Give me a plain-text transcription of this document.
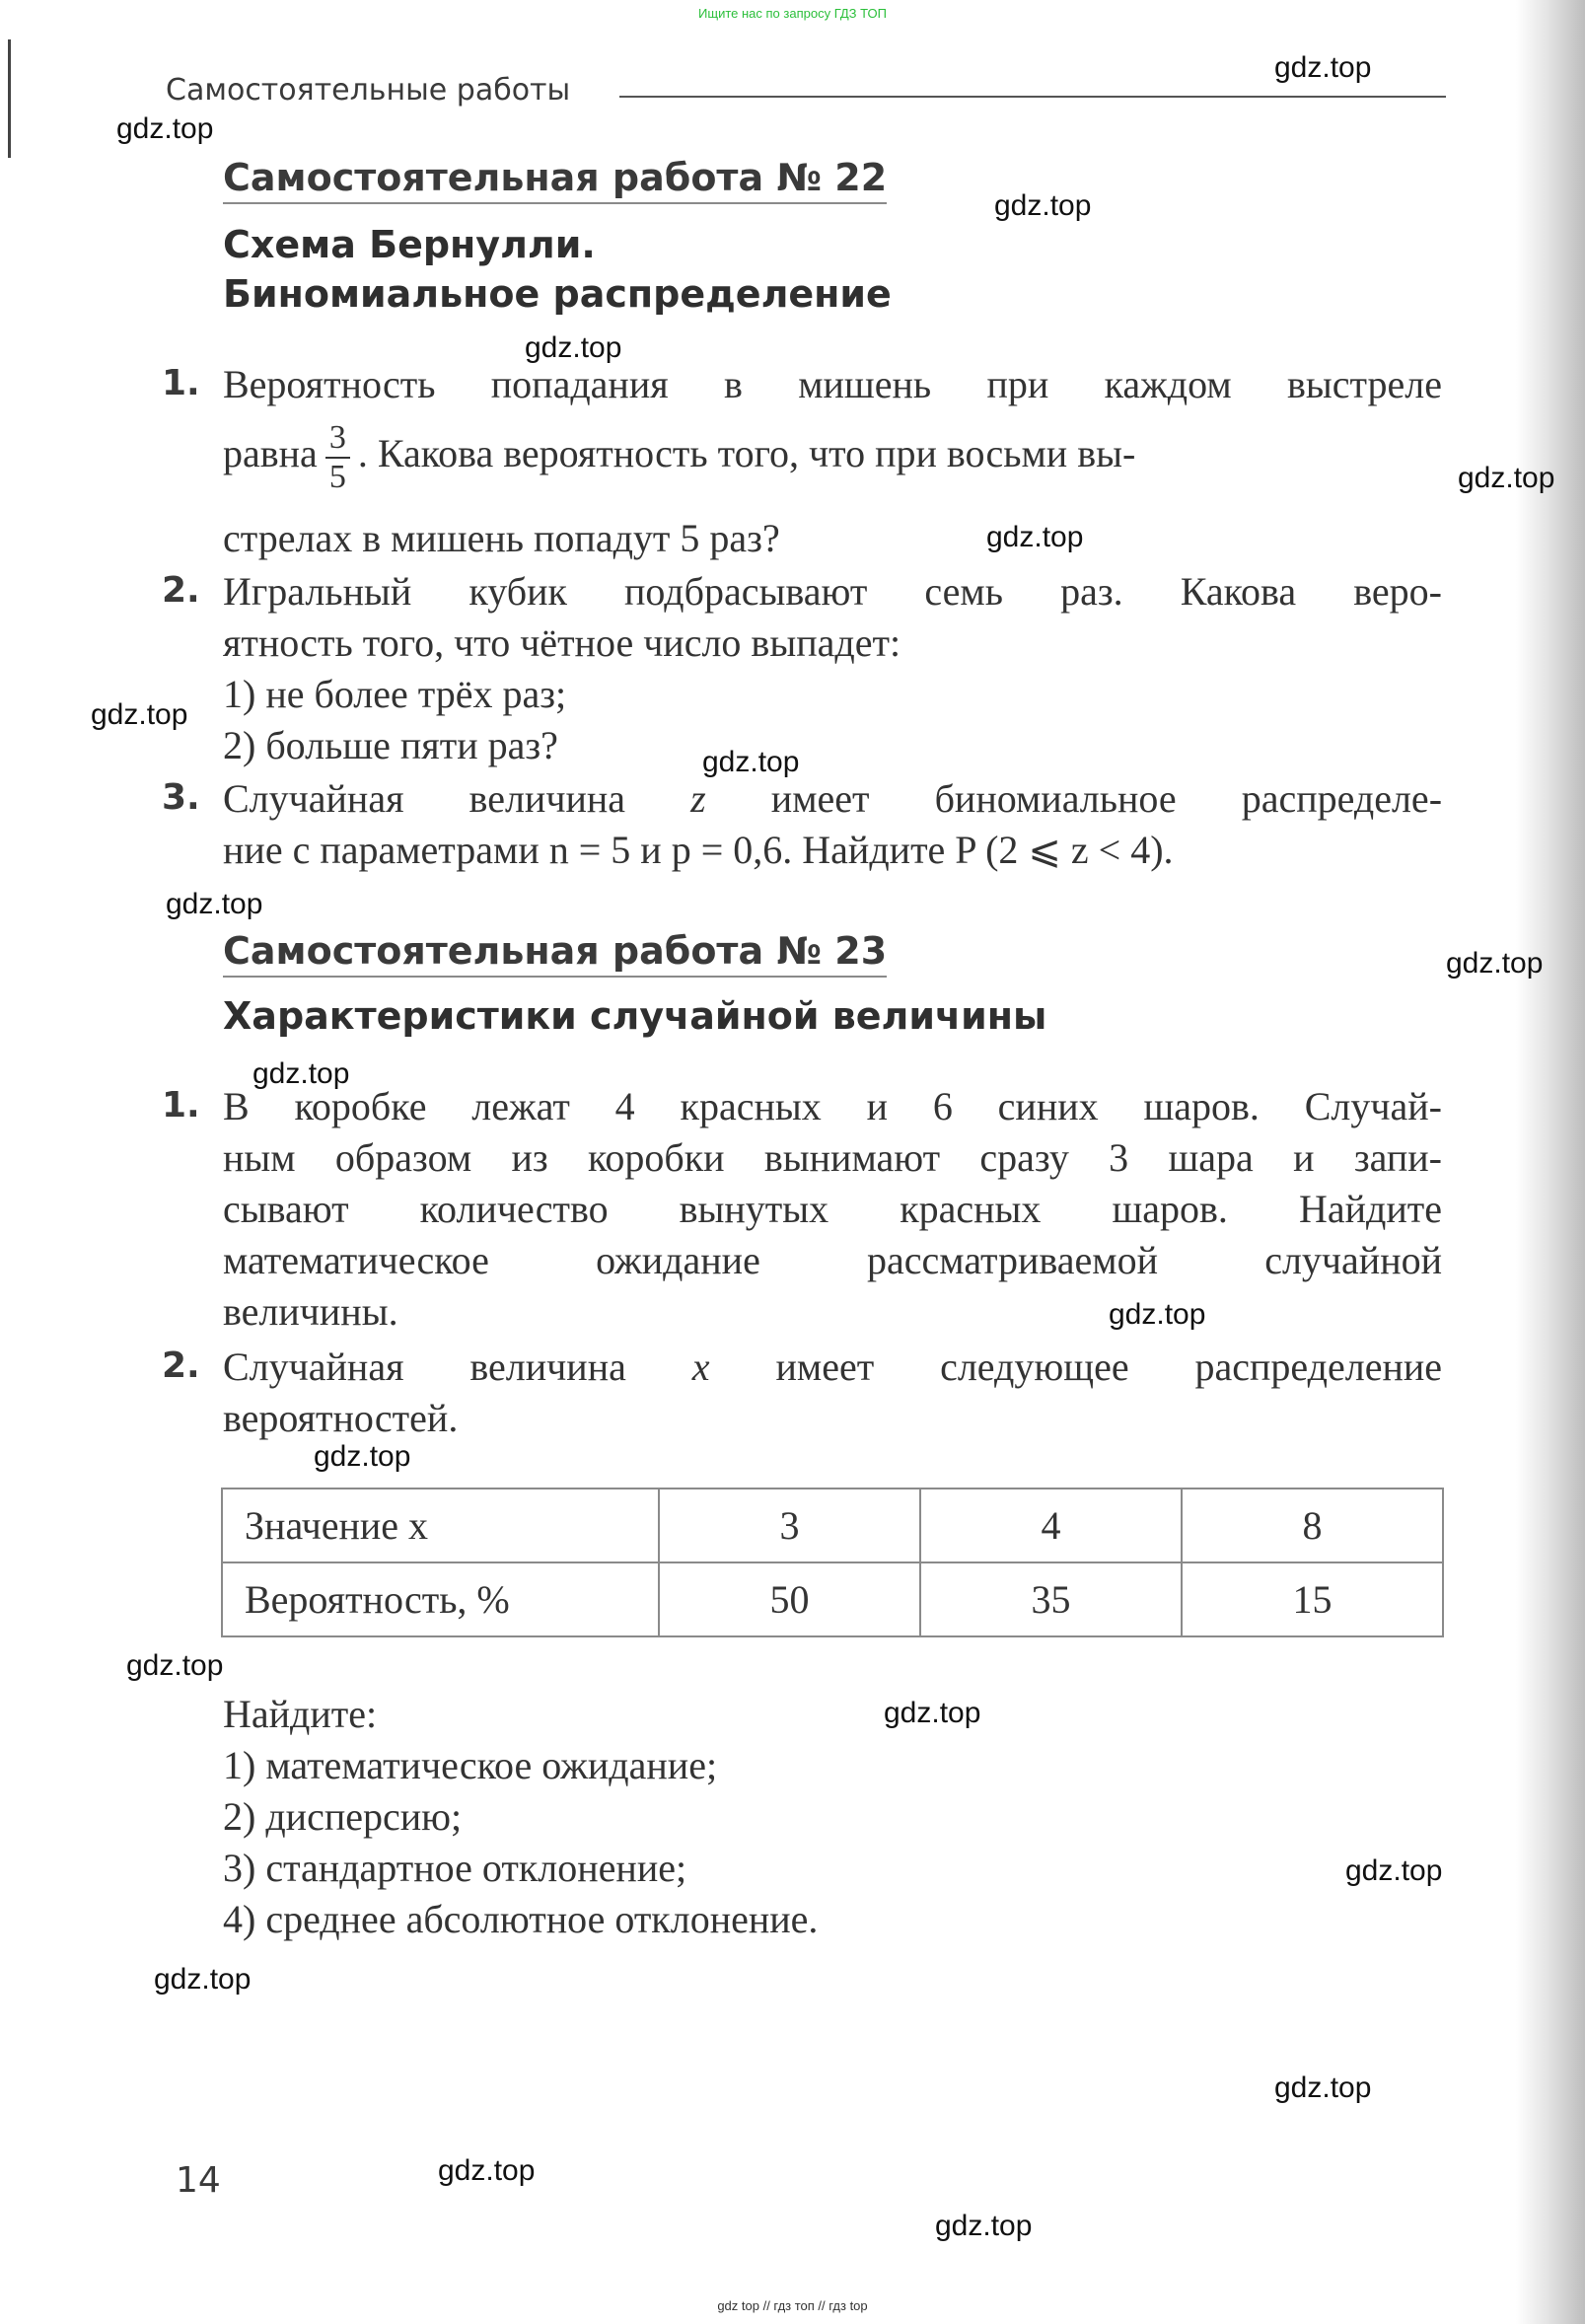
Ищите нас по запросу ГДЗ ТОП
Самостоятельные работы
Самостоятельная работа № 22
Схема Бернулли.
Биномиальное распределение
1. Вероятность попадания в мишень при каждом выстреле
равна $\frac{3}{5}$ . Какова вероятность того, что при восьми вы-
стрелах в мишень попадут 5 раз?
2. Игральный кубик подбрасывают семь раз. Какова веро-
ятность того, что чётное число выпадет:
1) не более трёх раз;
2) больше пяти раз?
3. Случайная величина z имеет биномиальное распределе-
ние с параметрами n = 5 и p = 0,6. Найдите P (2 ⩽ z < 4).
Самостоятельная работа № 23
Характеристики случайной величины
1. В коробке лежат 4 красных и 6 синих шаров. Случай-
ным образом из коробки вынимают сразу 3 шара и запи-
сывают количество вынутых красных шаров. Найдите
математическое ожидание рассматриваемой случайной
величины.
2. Случайная величина x имеет следующее распределение
вероятностей.
Значение x	3	4	8
Вероятность, %	50	35	15
Найдите:
1) математическое ожидание;
2) дисперсию;
3) стандартное отклонение;
4) среднее абсолютное отклонение.
14
gdz.top
gdz.top
gdz.top
gdz.top
gdz.top
gdz.top
gdz.top
gdz.top
gdz.top
gdz.top
gdz.top
gdz.top
gdz.top
gdz.top
gdz.top
gdz.top
gdz.top
gdz.top
gdz.top
gdz.top
gdz top // гдз топ // гдз top
